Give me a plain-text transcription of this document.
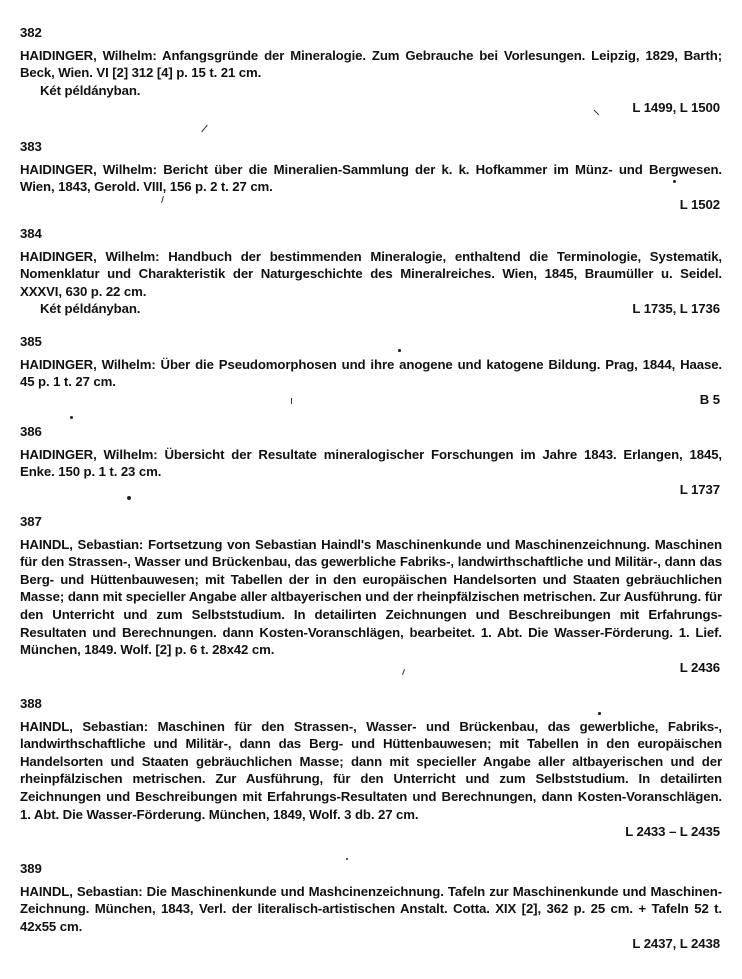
382
HAIDINGER, Wilhelm: Anfangsgründe der Mineralogie. Zum Gebrauche bei Vorlesungen. Leipzig, 1829, Barth; Beck, Wien. VI [2] 312 [4] p. 15 t. 21 cm.
Két példányban.
L 1499, L 1500
383
HAIDINGER, Wilhelm: Bericht über die Mineralien-Sammlung der k. k. Hofkammer im Münz- und Bergwesen. Wien, 1843, Gerold. VIII, 156 p. 2 t. 27 cm.
L 1502
384
HAIDINGER, Wilhelm: Handbuch der bestimmenden Mineralogie, enthaltend die Terminologie, Systematik, Nomenklatur und Charakteristik der Naturgeschichte des Mineralreiches. Wien, 1845, Braumüller u. Seidel. XXXVI, 630 p. 22 cm.
Két példányban.	L 1735, L 1736
385
HAIDINGER, Wilhelm: Über die Pseudomorphosen und ihre anogene und katogene Bildung. Prag, 1844, Haase. 45 p. 1 t. 27 cm.
B 5
386
HAIDINGER, Wilhelm: Übersicht der Resultate mineralogischer Forschungen im Jahre 1843. Erlangen, 1845, Enke. 150 p. 1 t. 23 cm.
L 1737
387
HAINDL, Sebastian: Fortsetzung von Sebastian Haindl's Maschinenkunde und Maschinenzeichnung. Maschinen für den Strassen-, Wasser und Brückenbau, das gewerbliche Fabriks-, landwirthschaftliche und Militär-, dann das Berg- und Hüttenbauwesen; mit Tabellen der in den europäischen Handelsorten und Staaten gebräuchlichen Masse; dann mit specieller Angabe aller altbayerischen und der rheinpfälzischen metrischen. Zur Ausführung. für den Unterricht und zum Selbststudium. In detailirten Zeichnungen und Beschreibungen mit Erfahrungs- Resultaten und Berechnungen. dann Kosten-Voranschlägen, bearbeitet. 1. Abt. Die Wasser-Förderung. 1. Lief. München, 1849. Wolf. [2] p. 6 t. 28x42 cm.
L 2436
388
HAINDL, Sebastian: Maschinen für den Strassen-, Wasser- und Brückenbau, das gewerbliche, Fabriks-, landwirthschaftliche und Militär-, dann das Berg- und Hüttenbauwesen; mit Tabellen in den europäischen Handelsorten und Staaten gebräuchlichen Masse; dann mit specieller Angabe aller altbayerischen und der rheinpfälzischen metrischen. Zur Ausführung, für den Unterricht und zum Selbststudium. In detailirten Zeichnungen und Beschreibungen mit Erfahrungs-Resultaten und Berechnungen, dann Kosten-Voranschlägen. 1. Abt. Die Wasser-Förderung. München, 1849, Wolf. 3 db. 27 cm.
L 2433 – L 2435
389
HAINDL, Sebastian: Die Maschinenkunde und Mashcinenzeichnung. Tafeln zur Maschinenkunde und Maschinen-Zeichnung. München, 1843, Verl. der literalisch-artistischen Anstalt. Cotta. XIX [2], 362 p. 25 cm. + Tafeln 52 t. 42x55 cm.
L 2437, L 2438
